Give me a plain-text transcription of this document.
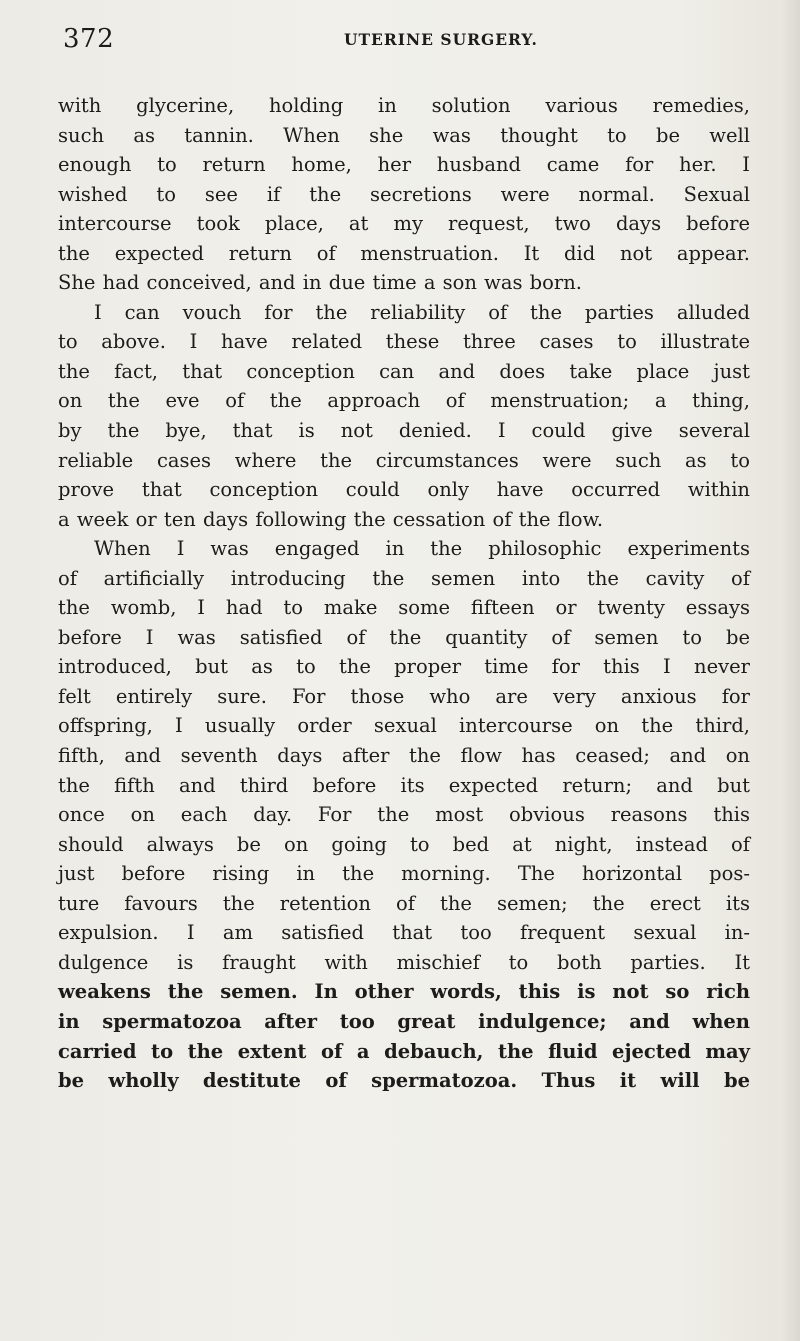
372	UTERINE SURGERY.
with glycerine, holding in solution various remedies,
such as tannin. When she was thought to be well
enough to return home, her husband came for her. I
wished to see if the secretions were normal. Sexual
intercourse took place, at my request, two days before
the expected return of menstruation. It did not appear.
She had conceived, and in due time a son was born.
I can vouch for the reliability of the parties alluded
to above. I have related these three cases to illustrate
the fact, that conception can and does take place just
on the eve of the approach of menstruation; a thing,
by the bye, that is not denied. I could give several
reliable cases where the circumstances were such as to
prove that conception could only have occurred within
a week or ten days following the cessation of the flow.
When I was engaged in the philosophic experiments
of artificially introducing the semen into the cavity of
the womb, I had to make some fifteen or twenty essays
before I was satisfied of the quantity of semen to be
introduced, but as to the proper time for this I never
felt entirely sure. For those who are very anxious for
offspring, I usually order sexual intercourse on the third,
fifth, and seventh days after the flow has ceased; and on
the fifth and third before its expected return; and but
once on each day. For the most obvious reasons this
should always be on going to bed at night, instead of
just before rising in the morning. The horizontal pos-
ture favours the retention of the semen; the erect its
expulsion. I am satisfied that too frequent sexual in-
dulgence is fraught with mischief to both parties. It
weakens the semen. In other words, this is not so rich
in spermatozoa after too great indulgence; and when
carried to the extent of a debauch, the fluid ejected may
be wholly destitute of spermatozoa. Thus it will be
